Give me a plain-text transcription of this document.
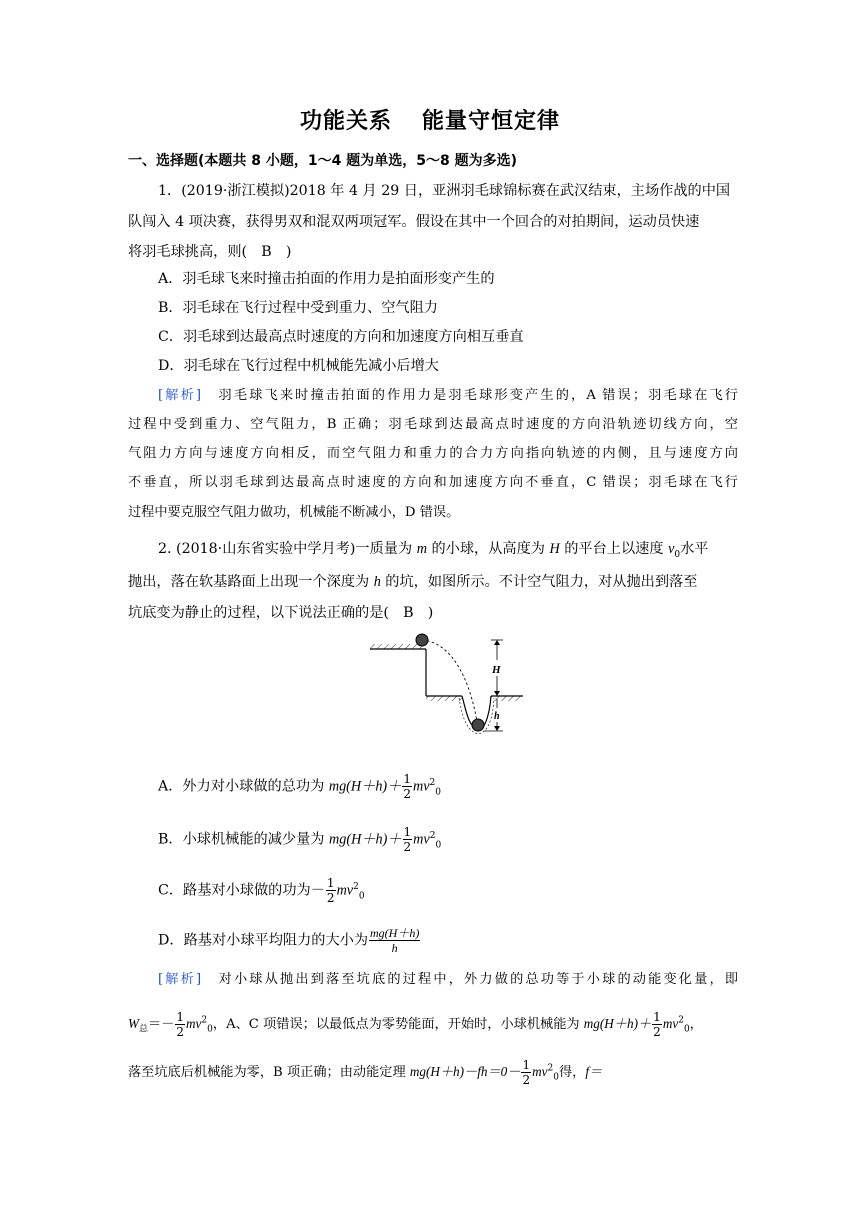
功能关系 能量守恒定律
一、选择题(本题共 8 小题，1～4 题为单选，5～8 题为多选)
1．(2019·浙江模拟)2018 年 4 月 29 日，亚洲羽毛球锦标赛在武汉结束，主场作战的中国
队闯入 4 项决赛，获得男双和混双两项冠军。假设在其中一个回合的对拍期间，运动员快速
将羽毛球挑高，则(　B　)
A．羽毛球飞来时撞击拍面的作用力是拍面形变产生的
B．羽毛球在飞行过程中受到重力、空气阻力
C．羽毛球到达最高点时速度的方向和加速度方向相互垂直
D．羽毛球在飞行过程中机械能先减小后增大
[解析]　 羽毛球飞来时撞击拍面的作用力是羽毛球形变产生的，A 错误；羽毛球在飞行
过程中受到重力、空气阻力，B 正确；羽毛球到达最高点时速度的方向沿轨迹切线方向，空
气阻力方向与速度方向相反，而空气阻力和重力的合力方向指向轨迹的内侧，且与速度方向
不垂直，所以羽毛球到达最高点时速度的方向和加速度方向不垂直，C 错误；羽毛球在飞行
过程中要克服空气阻力做功，机械能不断减小，D 错误。
2. (2018·山东省实验中学月考)一质量为 m 的小球，从高度为 H 的平台上以速度 $v_0$水平
抛出，落在软基路面上出现一个深度为 h 的坑，如图所示。不计空气阻力，对从抛出到落至
坑底变为静止的过程，以下说法正确的是(　B　)
H
h
A．外力对小球做的总功为 $mg(H+h)+ \frac{1}{2} mv^2_0$
B．小球机械能的减少量为 $mg(H+h)+ \frac{1}{2} mv^2_0$
C．路基对小球做的功为－ $\frac{1}{2} mv^2_0$
D．路基对小球平均阻力的大小为 $\frac{mg(H+h)}{h}$
[解析]　 对小球从抛出到落至坑底的过程中，外力做的总功等于小球的动能变化量，即
$W_总=- \frac{1}{2} mv^2_0$，A、C 项错误；以最低点为零势能面，开始时，小球机械能为 $mg(H+h)+ \frac{1}{2} mv^2_0$，
落至坑底后机械能为零，B 项正确；由动能定理 $mg(H+h)-fh=0- \frac{1}{2} mv^2_0$得，f＝
